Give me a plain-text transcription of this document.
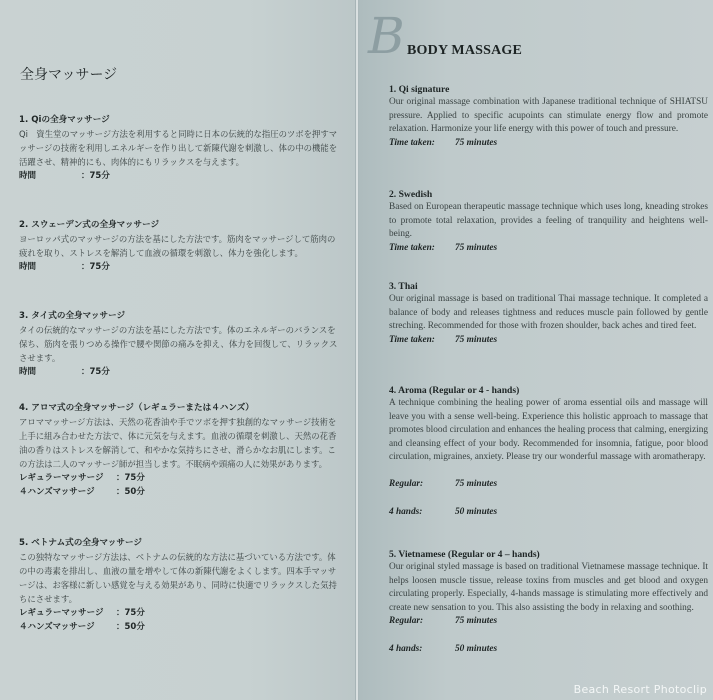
全身マッサージ

1. Qiの全身マッサージ

Qi　資生堂のマッサージ方法を利用すると同時に日本の伝統的な指圧のツボを押すマッサージの技術を利用しエネルギーを作り出して新陳代謝を刺激し、体の中の機能を活躍させ、精神的にも、肉体的にもリラックスを与えます。

時間	：75分

2. スウェーデン式の全身マッサージ

ヨーロッパ式のマッサージの方法を基にした方法です。筋肉をマッサージして筋肉の疲れを取り、ストレスを解消して血液の循環を刺激し、体力を強化します。

時間	：75分

3. タイ式の全身マッサージ

タイの伝統的なマッサージの方法を基にした方法です。体のエネルギーのバランスを保ち、筋肉を張りつめる操作で腰や関節の痛みを抑え、体力を回復して、リラックスさせます。

時間	：75分

4. アロマ式の全身マッサージ（レギュラーまたは４ハンズ）

アロママッサージ方法は、天然の花香油や手でツボを押す独創的なマッサージ技術を上手に組み合わせた方法で、体に元気を与えます。血液の循環を刺激し、天然の花香油の香りはストレスを解消して、和やかな気持ちにさせ、滑らかなお肌にします。この方法は二人のマッサージ師が担当します。不眠病や頭痛の人に効果があります。

レギュラーマッサージ	：75分
４ハンズマッサージ	：50分

5. ベトナム式の全身マッサージ

この独特なマッサージ方法は、ベトナムの伝統的な方法に基づいている方法です。体の中の毒素を排出し、血液の量を増やして体の新陳代謝をよくします。四本手マッサージは、お客様に新しい感覚を与える効果があり、同時に快適でリラックスした気持ちにさせます。

レギュラーマッサージ	：75分
４ハンズマッサージ	：50分
B BODY MASSAGE

1. Qi signature

Our original massage combination with Japanese traditional technique of SHIATSU pressure. Applied to specific acupoints can stimulate energy flow and promote relaxation. Harmonize your life energy with this power of touch and pressure.

Time taken:	75 minutes

2. Swedish

Based on European therapeutic massage technique which uses long, kneading strokes to promote total relaxation, provides a feeling of tranquility and heightens well-being.

Time taken:	75 minutes

3. Thai

Our original massage is based on traditional Thai massage technique. It completed a balance of body and releases tightness and reduces muscle pain followed by gentle streching. Recommended for those with frozen shoulder, back aches and tired feet.

Time taken:	75 minutes

4. Aroma (Regular or 4 - hands)

A technique combining the healing power of aroma essential oils and massage will leave you with a sense well-being. Experience this holistic approach to massage that promotes blood circulation and enhances the healing process that calming, energizing and cleansing effect of your body. Recommended for insomnia, fatigue, poor blood circulation, migraines, anxiety. Please try our wonderful massage with aromatherapy.

Regular:	75 minutes
4 hands:	50 minutes

5. Vietnamese (Regular or 4 – hands)

Our original styled massage is based on traditional Vietnamese massage technique. It helps loosen muscle tissue, release toxins from muscles and get blood and oxygen circulating properly. Especially, 4-hands massage is stimulating more effectively and create new sensation to you. This also assisting the body in relaxing and soothing.

Regular:	75 minutes
4 hands:	50 minutes
Beach Resort Photoclip
